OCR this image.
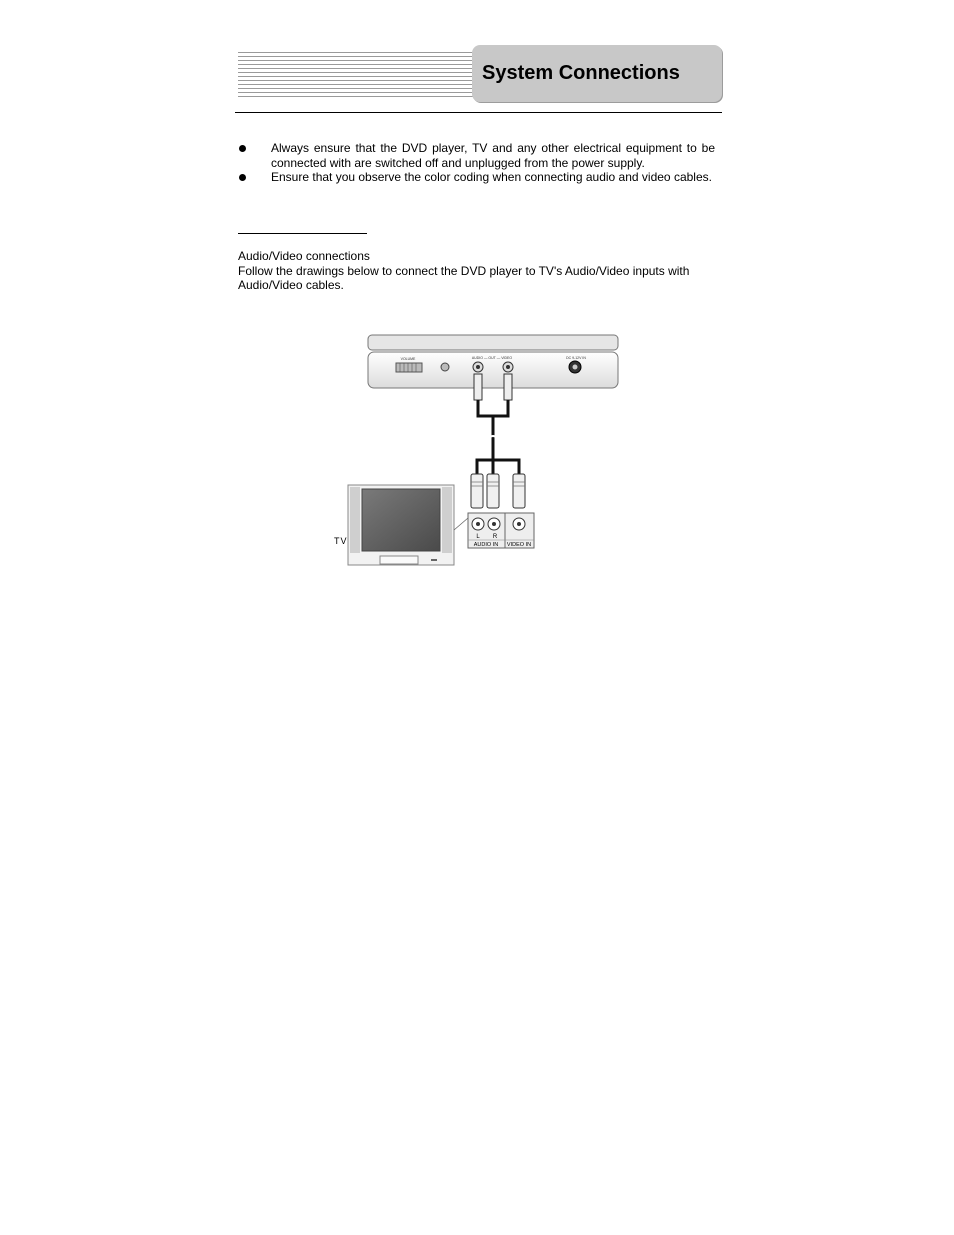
System Connections
Always ensure that the DVD player, TV and any other electrical equipment to be connected with are switched off and unplugged from the power supply.
Ensure that you observe the color coding when connecting audio and video cables.
Audio/Video connections
Follow the drawings below to connect the DVD player to TV's Audio/Video inputs with Audio/Video cables.
VOLUME	AUDIO — OUT — VIDEO	DC 9-12V IN
TV	L R
AUDIO IN VIDEO IN
